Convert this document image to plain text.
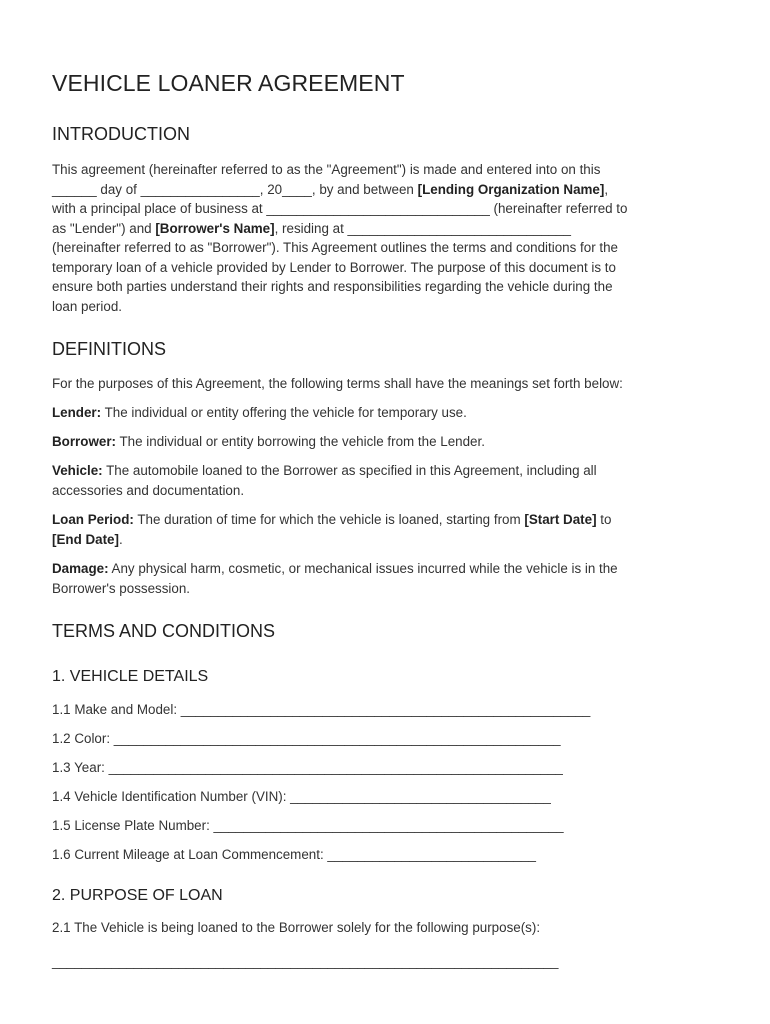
VEHICLE LOANER AGREEMENT
INTRODUCTION
This agreement (hereinafter referred to as the "Agreement") is made and entered into on this
______ day of ________________, 20____, by and between [Lending Organization Name],
with a principal place of business at ______________________________ (hereinafter referred to
as "Lender") and [Borrower's Name], residing at ______________________________
(hereinafter referred to as "Borrower"). This Agreement outlines the terms and conditions for the
temporary loan of a vehicle provided by Lender to Borrower. The purpose of this document is to
ensure both parties understand their rights and responsibilities regarding the vehicle during the
loan period.
DEFINITIONS
For the purposes of this Agreement, the following terms shall have the meanings set forth below:
Lender: The individual or entity offering the vehicle for temporary use.
Borrower: The individual or entity borrowing the vehicle from the Lender.
Vehicle: The automobile loaned to the Borrower as specified in this Agreement, including all
accessories and documentation.
Loan Period: The duration of time for which the vehicle is loaned, starting from [Start Date] to
[End Date].
Damage: Any physical harm, cosmetic, or mechanical issues incurred while the vehicle is in the
Borrower's possession.
TERMS AND CONDITIONS
1. VEHICLE DETAILS
1.1 Make and Model: _______________________________________________________
1.2 Color: ____________________________________________________________
1.3 Year: _____________________________________________________________
1.4 Vehicle Identification Number (VIN): ___________________________________
1.5 License Plate Number: _______________________________________________
1.6 Current Mileage at Loan Commencement: ____________________________
2. PURPOSE OF LOAN
2.1 The Vehicle is being loaned to the Borrower solely for the following purpose(s):
____________________________________________________________________
